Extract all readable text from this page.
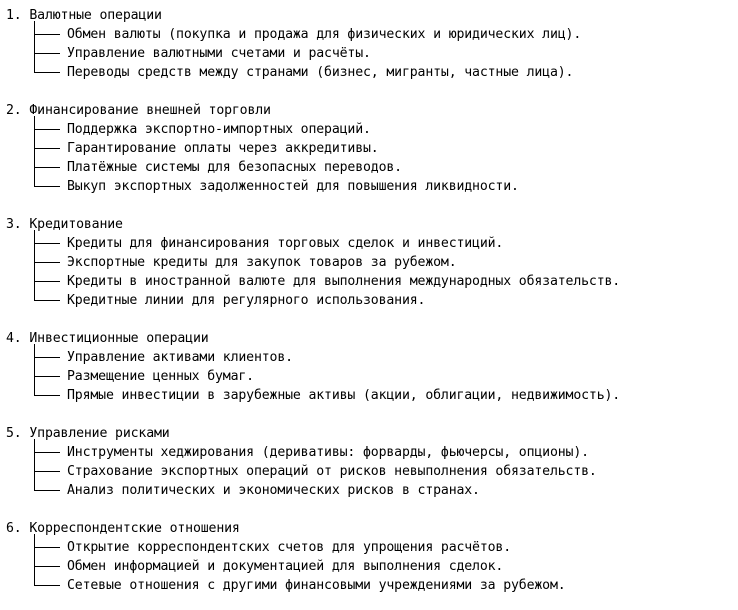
1. Валютные операции
Обмен валюты (покупка и продажа для физических и юридических лиц).
Управление валютными счетами и расчёты.
Переводы средств между странами (бизнес, мигранты, частные лица).
2. Финансирование внешней торговли
Поддержка экспортно-импортных операций.
Гарантирование оплаты через аккредитивы.
Платёжные системы для безопасных переводов.
Выкуп экспортных задолженностей для повышения ликвидности.
3. Кредитование
Кредиты для финансирования торговых сделок и инвестиций.
Экспортные кредиты для закупок товаров за рубежом.
Кредиты в иностранной валюте для выполнения международных обязательств.
Кредитные линии для регулярного использования.
4. Инвестиционные операции
Управление активами клиентов.
Размещение ценных бумаг.
Прямые инвестиции в зарубежные активы (акции, облигации, недвижимость).
5. Управление рисками
Инструменты хеджирования (деривативы: форварды, фьючерсы, опционы).
Страхование экспортных операций от рисков невыполнения обязательств.
Анализ политических и экономических рисков в странах.
6. Корреспондентские отношения
Открытие корреспондентских счетов для упрощения расчётов.
Обмен информацией и документацией для выполнения сделок.
Сетевые отношения с другими финансовыми учреждениями за рубежом.
